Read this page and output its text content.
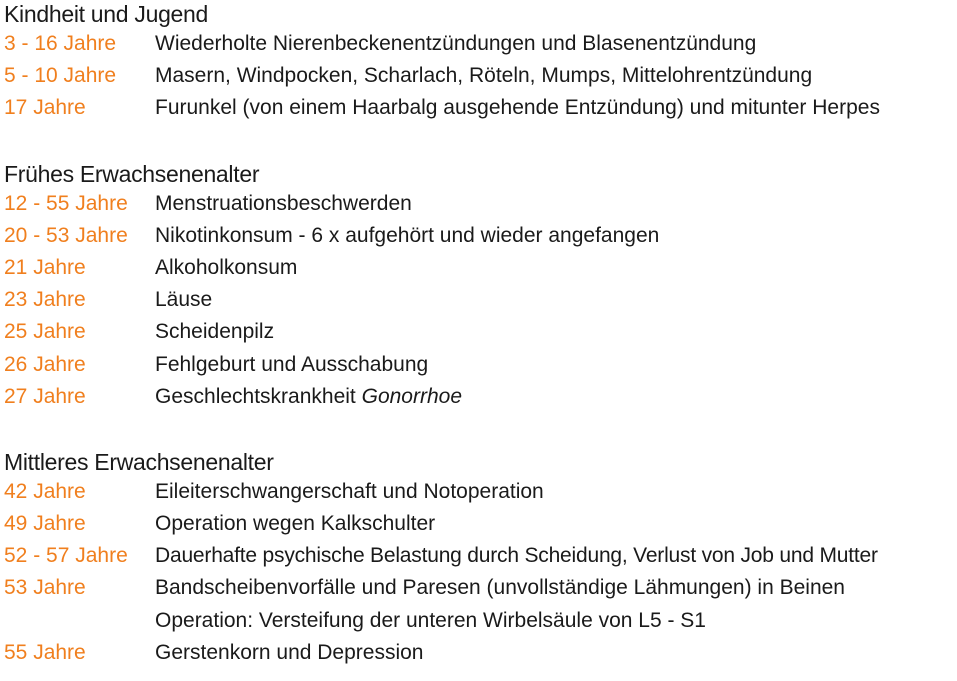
Kindheit und Jugend
3 - 16 Jahre	Wiederholte Nierenbeckenentzündungen und Blasenentzündung
5 - 10 Jahre	Masern, Windpocken, Scharlach, Röteln, Mumps, Mittelohrentzündung
17 Jahre	Furunkel (von einem Haarbalg ausgehende Entzündung) und mitunter Herpes
Frühes Erwachsenenalter
12 - 55 Jahre	Menstruationsbeschwerden
20 - 53 Jahre	Nikotinkonsum - 6 x aufgehört und wieder angefangen
21 Jahre	Alkoholkonsum
23 Jahre	Läuse
25 Jahre	Scheidenpilz
26 Jahre	Fehlgeburt und Ausschabung
27 Jahre	Geschlechtskrankheit Gonorrhoe
Mittleres Erwachsenenalter
42 Jahre	Eileiterschwangerschaft und Notoperation
49 Jahre	Operation wegen Kalkschulter
52 - 57 Jahre	Dauerhafte psychische Belastung durch Scheidung, Verlust von Job und Mutter
53 Jahre	Bandscheibenvorfälle und Paresen (unvollständige Lähmungen) in Beinen
Operation: Versteifung der unteren Wirbelsäule von L5 - S1
55 Jahre	Gerstenkorn und Depression
